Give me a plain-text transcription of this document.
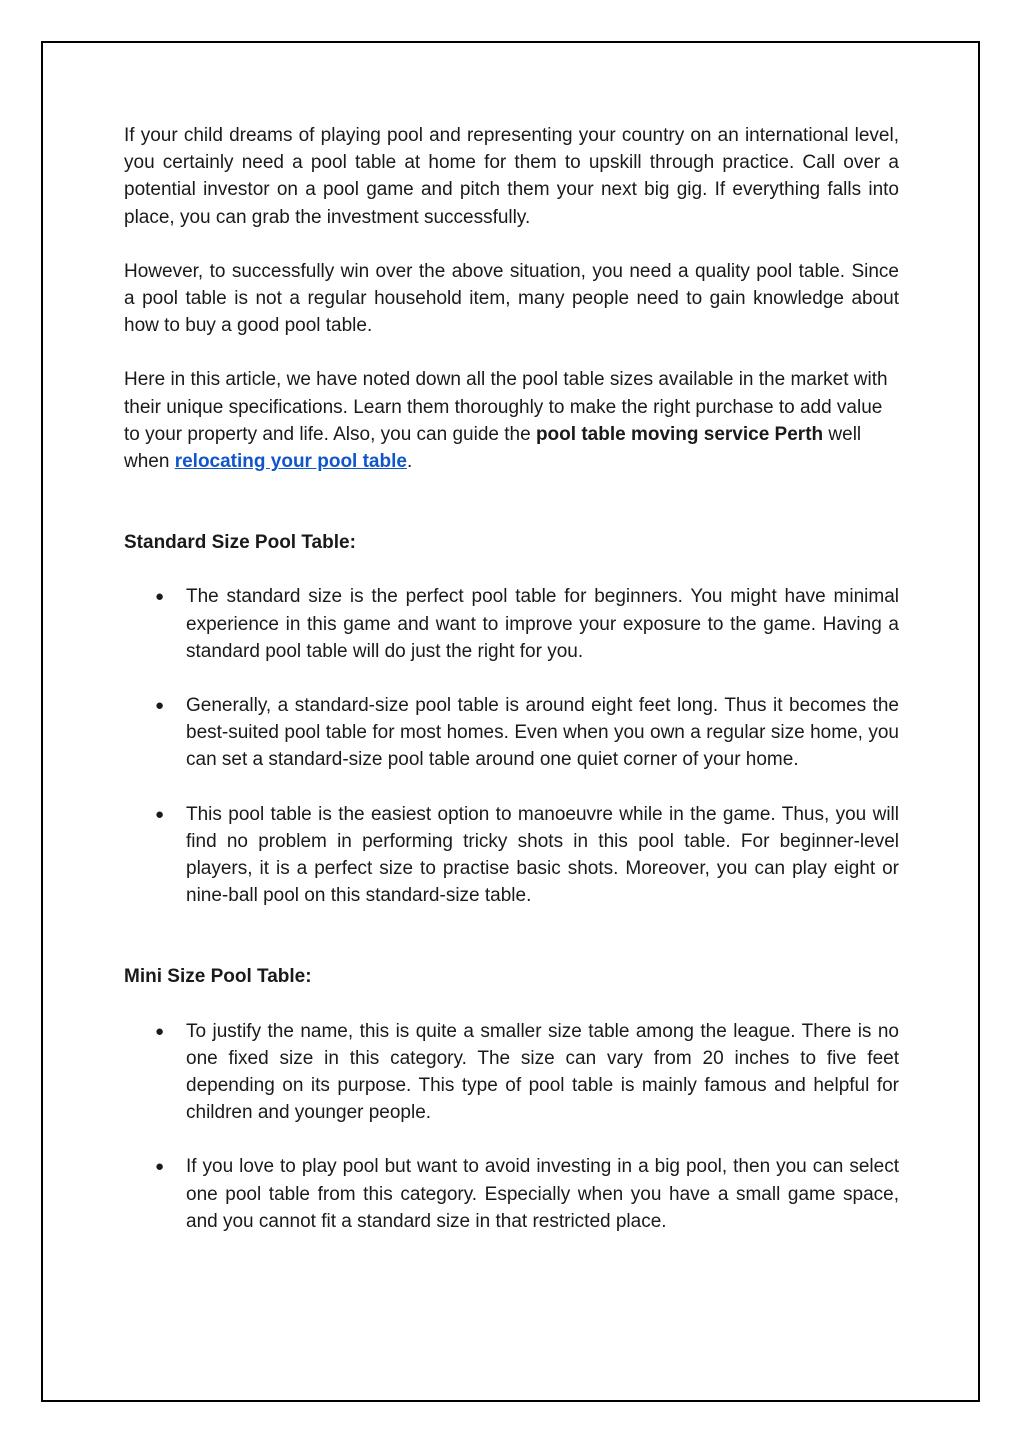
If your child dreams of playing pool and representing your country on an international level, you certainly need a pool table at home for them to upskill through practice. Call over a potential investor on a pool game and pitch them your next big gig. If everything falls into place, you can grab the investment successfully.

However, to successfully win over the above situation, you need a quality pool table. Since a pool table is not a regular household item, many people need to gain knowledge about how to buy a good pool table.

Here in this article, we have noted down all the pool table sizes available in the market with their unique specifications. Learn them thoroughly to make the right purchase to add value to your property and life. Also, you can guide the pool table moving service Perth well when relocating your pool table.

Standard Size Pool Table:
● The standard size is the perfect pool table for beginners. You might have minimal experience in this game and want to improve your exposure to the game. Having a standard pool table will do just the right for you.
● Generally, a standard-size pool table is around eight feet long. Thus it becomes the best-suited pool table for most homes. Even when you own a regular size home, you can set a standard-size pool table around one quiet corner of your home.
● This pool table is the easiest option to manoeuvre while in the game. Thus, you will find no problem in performing tricky shots in this pool table. For beginner-level players, it is a perfect size to practise basic shots. Moreover, you can play eight or nine-ball pool on this standard-size table.
Mini Size Pool Table:
● To justify the name, this is quite a smaller size table among the league. There is no one fixed size in this category. The size can vary from 20 inches to five feet depending on its purpose. This type of pool table is mainly famous and helpful for children and younger people.
● If you love to play pool but want to avoid investing in a big pool, then you can select one pool table from this category. Especially when you have a small game space, and you cannot fit a standard size in that restricted place.
